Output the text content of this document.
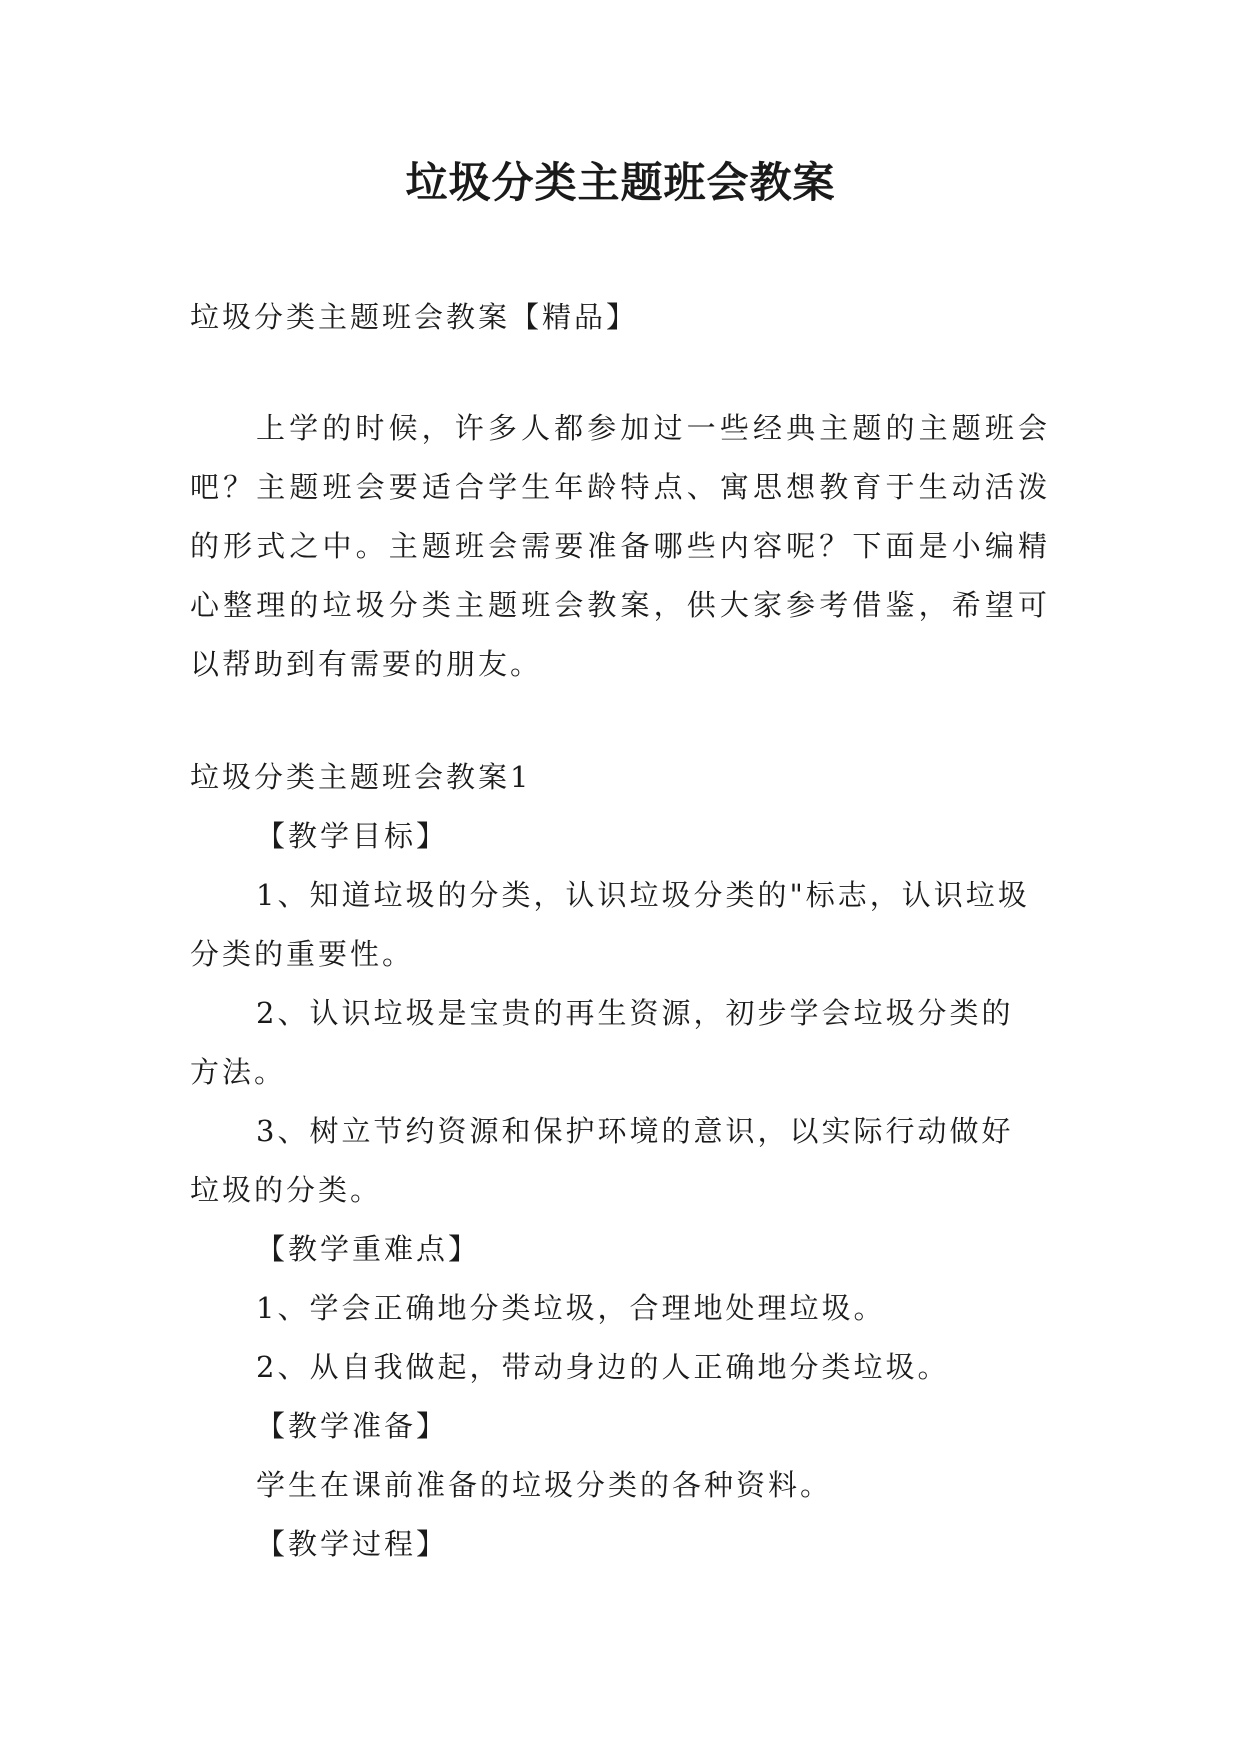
垃圾分类主题班会教案

垃圾分类主题班会教案【精品】

上学的时候，许多人都参加过一些经典主题的主题班会吧？主题班会要适合学生年龄特点、寓思想教育于生动活泼的形式之中。主题班会需要准备哪些内容呢？下面是小编精心整理的垃圾分类主题班会教案，供大家参考借鉴，希望可以帮助到有需要的朋友。

垃圾分类主题班会教案1

【教学目标】

1、知道垃圾的分类，认识垃圾分类的"标志，认识垃圾

分类的重要性。

2、认识垃圾是宝贵的再生资源，初步学会垃圾分类的

方法。

3、树立节约资源和保护环境的意识，以实际行动做好

垃圾的分类。

【教学重难点】

1、学会正确地分类垃圾，合理地处理垃圾。

2、从自我做起，带动身边的人正确地分类垃圾。

【教学准备】

学生在课前准备的垃圾分类的各种资料。

【教学过程】
